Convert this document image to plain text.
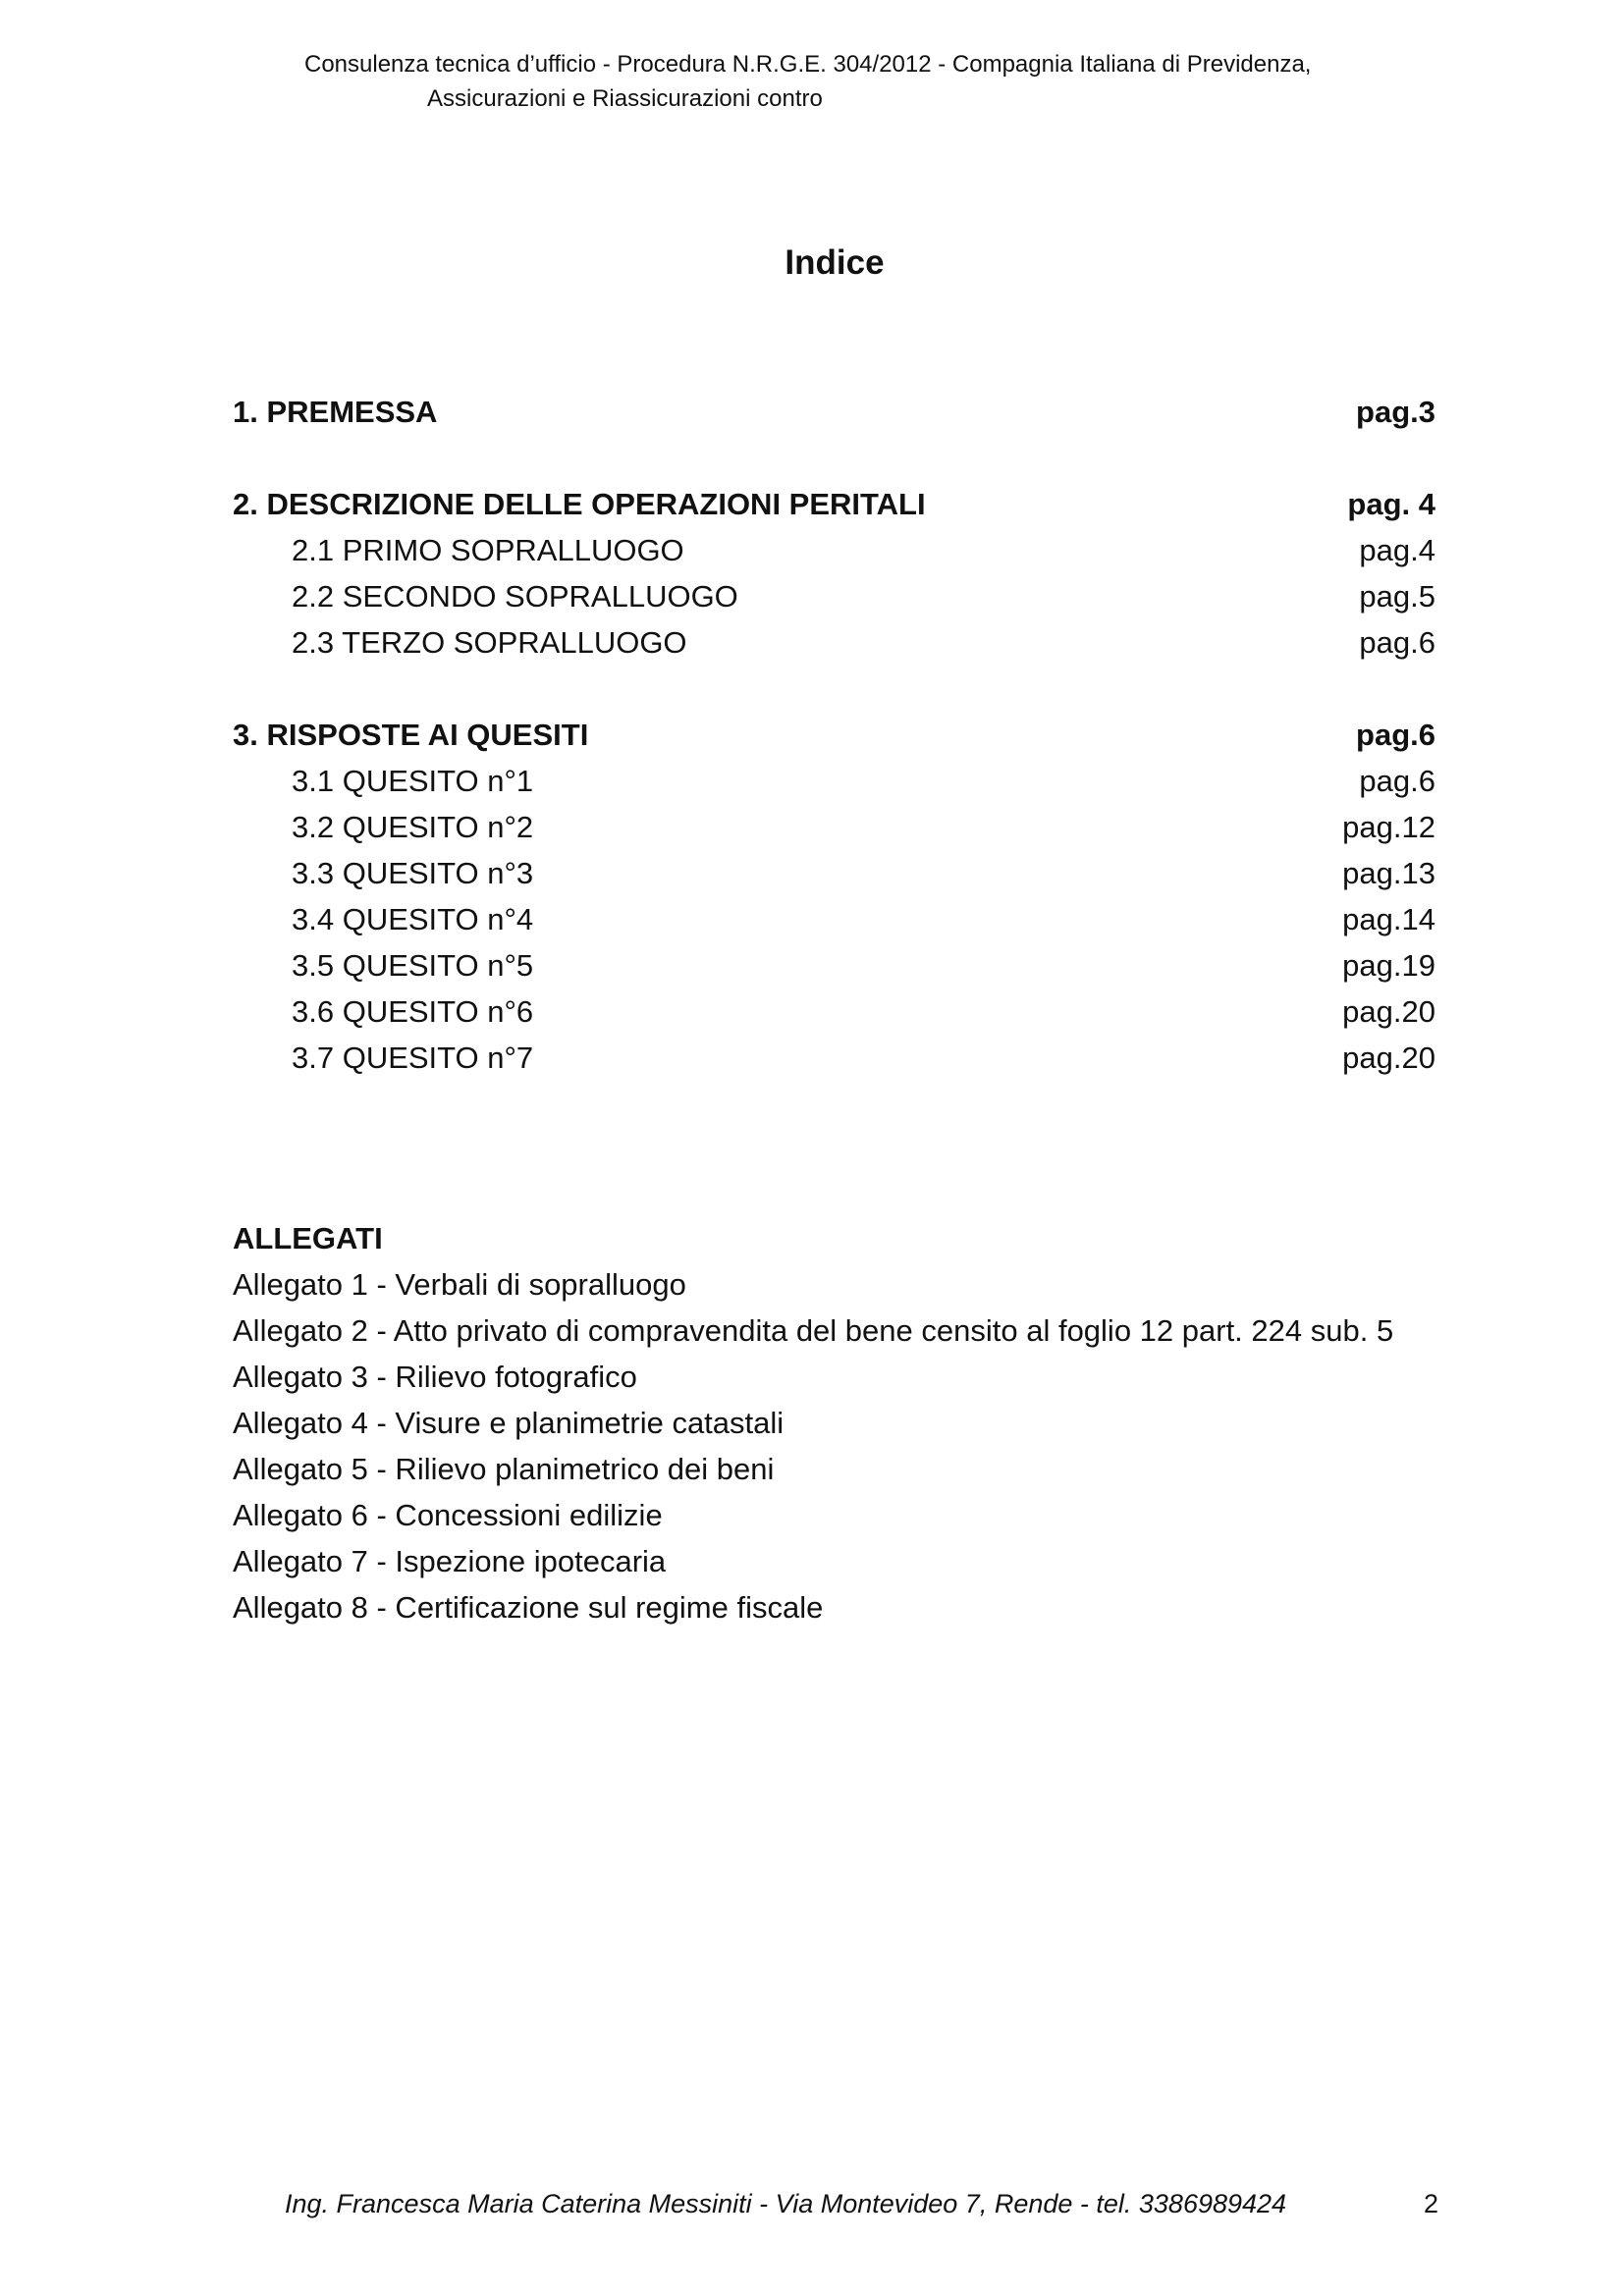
Consulenza tecnica d’ufficio - Procedura N.R.G.E. 304/2012 - Compagnia Italiana di Previdenza,
Assicurazioni e Riassicurazioni contro
Indice
1. PREMESSA	pag.3
2. DESCRIZIONE DELLE OPERAZIONI PERITALI	pag. 4
2.1 PRIMO SOPRALLUOGO	pag.4
2.2 SECONDO SOPRALLUOGO	pag.5
2.3 TERZO SOPRALLUOGO	pag.6
3. RISPOSTE AI QUESITI	pag.6
3.1 QUESITO n°1	pag.6
3.2 QUESITO n°2	pag.12
3.3 QUESITO n°3	pag.13
3.4 QUESITO n°4	pag.14
3.5 QUESITO n°5	pag.19
3.6 QUESITO n°6	pag.20
3.7 QUESITO n°7	pag.20
ALLEGATI
Allegato 1 - Verbali di sopralluogo
Allegato 2 - Atto privato di compravendita del bene censito al foglio 12 part. 224 sub. 5
Allegato 3 - Rilievo fotografico
Allegato 4 - Visure e planimetrie catastali
Allegato 5 - Rilievo planimetrico dei beni
Allegato 6 - Concessioni edilizie
Allegato 7 - Ispezione ipotecaria
Allegato 8 - Certificazione sul regime fiscale
Ing. Francesca Maria Caterina Messiniti - Via Montevideo 7, Rende - tel. 3386989424	2
